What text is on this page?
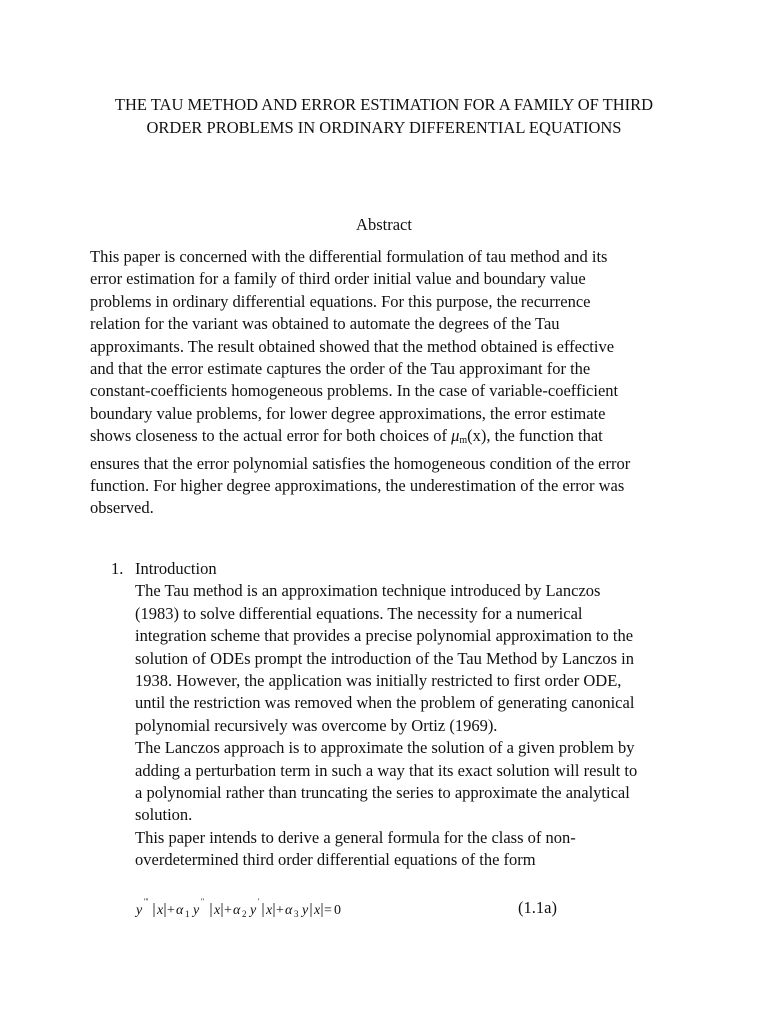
THE TAU METHOD AND ERROR ESTIMATION FOR A FAMILY OF THIRD
ORDER PROBLEMS IN ORDINARY DIFFERENTIAL EQUATIONS
Abstract
This paper is concerned with the differential formulation of tau method and its
error estimation for a family of third order initial value and boundary value
problems in ordinary differential equations. For this purpose, the recurrence
relation for the variant was obtained to automate the degrees of the Tau
approximants. The result obtained showed that the method obtained is effective
and that the error estimate captures the order of the Tau approximant for the
constant-coefficients homogeneous problems. In the case of variable-coefficient
boundary value problems, for lower degree approximations, the error estimate
shows closeness to the actual error for both choices of $\mu_m(x)$, the function that
ensures that the error polynomial satisfies the homogeneous condition of the error
function. For higher degree approximations, the underestimation of the error was
observed.
1. Introduction
The Tau method is an approximation technique introduced by Lanczos
(1983) to solve differential equations. The necessity for a numerical
integration scheme that provides a precise polynomial approximation to the
solution of ODEs prompt the introduction of the Tau Method by Lanczos in
1938. However, the application was initially restricted to first order ODE,
until the restriction was removed when the problem of generating canonical
polynomial recursively was overcome by Ortiz (1969).
The Lanczos approach is to approximate the solution of a given problem by
adding a perturbation term in such a way that its exact solution will result to
a polynomial rather than truncating the series to approximate the analytical
solution.
This paper intends to derive a general formula for the class of non-
overdetermined third order differential equations of the form
y
'''
x + α 1 y
''
x + α 2 y
'
x + α 3 y x = 0	(1.1a)
